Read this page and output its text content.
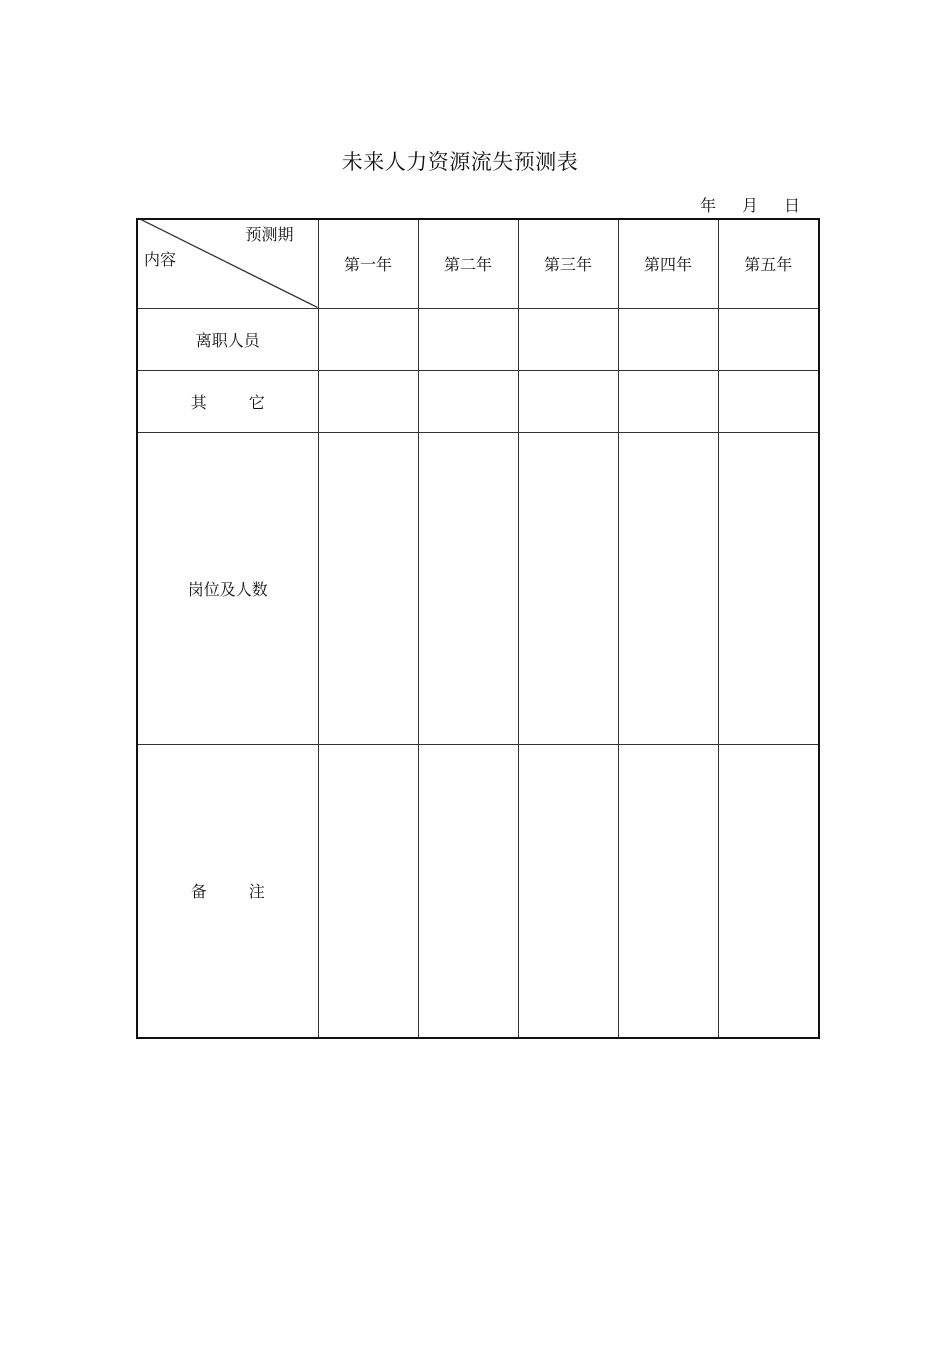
未来人力资源流失预测表
年 月 日
预测期
内容	第一年	第二年	第三年	第四年	第五年
离职人员					
其 它					
岗位及人数					
备 注					
